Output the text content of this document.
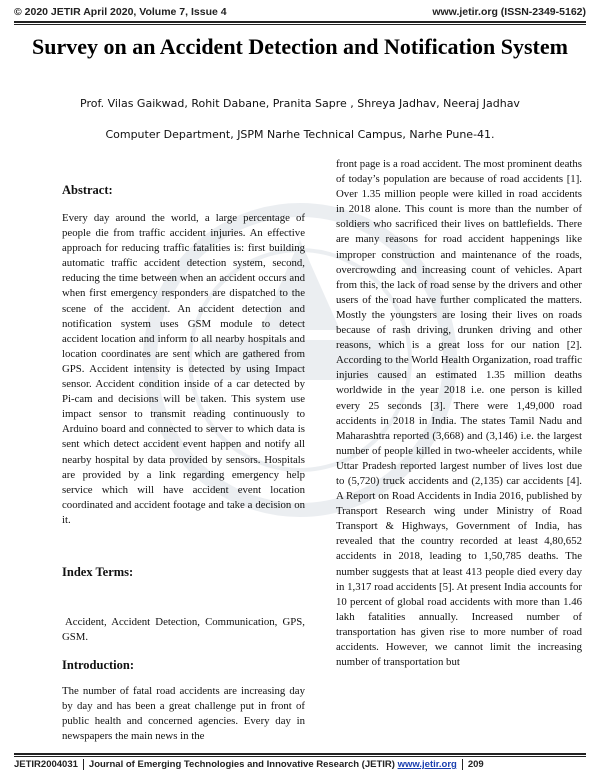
© 2020 JETIR April 2020, Volume 7, Issue 4	www.jetir.org (ISSN-2349-5162)
Survey on an Accident Detection and Notification System
Prof. Vilas Gaikwad, Rohit Dabane, Pranita Sapre , Shreya Jadhav, Neeraj Jadhav
Computer Department, JSPM Narhe Technical Campus, Narhe Pune-41.
Abstract:

Every day around the world, a large percentage of people die from traffic accident injuries. An effective approach for reducing traffic fatalities is: first building automatic traffic accident detection system, second, reducing the time between when an accident occurs and when first emergency responders are dispatched to the scene of the accident. An accident detection and notification system uses GSM module to detect accident location and inform to all nearby hospitals and location coordinates are sent which are gathered from GPS. Accident intensity is detected by using Impact sensor. Accident condition inside of a car detected by Pi-cam and decisions will be taken. This system use impact sensor to transmit reading continuously to Arduino board and connected to server to which data is sent which detect accident event happen and notify all nearby hospital by data provided by sensors. Hospitals are provided by a link regarding emergency help service which will have accident event location coordinated and accident footage and take a decision on it.

Index Terms:

Accident, Accident Detection, Communication, GPS, GSM.

Introduction:

The number of fatal road accidents are increasing day by day and has been a great challenge put in front of public health and concerned agencies. Every day in newspapers the main news in the

front page is a road accident. The most prominent deaths of today’s population are because of road accidents [1]. Over 1.35 million people were killed in road accidents in 2018 alone. This count is more than the number of soldiers who sacrificed their lives on battlefields. There are many reasons for road accident happenings like improper construction and maintenance of the roads, overcrowding and increasing count of vehicles. Apart from this, the lack of road sense by the drivers and other users of the road have further complicated the matters. Mostly the youngsters are losing their lives on roads because of rash driving, drunken driving and other reasons, which is a great loss for our nation [2]. According to the World Health Organization, road traffic injuries caused an estimated 1.35 million deaths worldwide in the year 2018 i.e. one person is killed every 25 seconds [3]. There were 1,49,000 road accidents in 2018 in India. The states Tamil Nadu and Maharashtra reported (3,668) and (3,146) i.e. the largest number of people killed in two-wheeler accidents, while Uttar Pradesh reported largest number of lives lost due to (5,720) truck accidents and (2,135) car accidents [4]. A Report on Road Accidents in India 2016, published by Transport Research wing under Ministry of Road Transport & Highways, Government of India, has revealed that the country recorded at least 4,80,652 accidents in 2018, leading to 1,50,785 deaths. The number suggests that at least 413 people died every day in 1,317 road accidents [5]. At present India accounts for 10 percent of global road accidents with more than 1.46 lakh fatalities annually. Increased number of transportation has given rise to more number of road accidents. However, we cannot limit the increasing number of transportation but

JETIR2004031 Journal of Emerging Technologies and Innovative Research (JETIR) www.jetir.org 209
